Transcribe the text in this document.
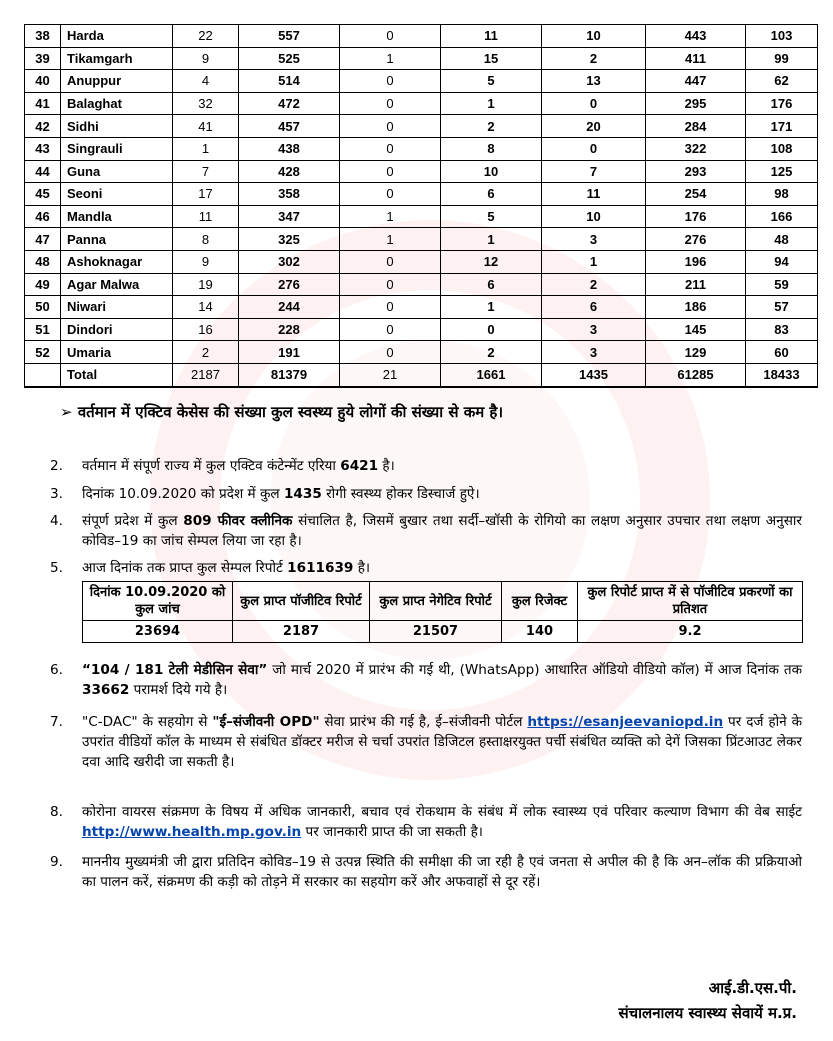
38	Harda	22	557	0	11	10	443	103
39	Tikamgarh	9	525	1	15	2	411	99
40	Anuppur	4	514	0	5	13	447	62
41	Balaghat	32	472	0	1	0	295	176
42	Sidhi	41	457	0	2	20	284	171
43	Singrauli	1	438	0	8	0	322	108
44	Guna	7	428	0	10	7	293	125
45	Seoni	17	358	0	6	11	254	98
46	Mandla	11	347	1	5	10	176	166
47	Panna	8	325	1	1	3	276	48
48	Ashoknagar	9	302	0	12	1	196	94
49	Agar Malwa	19	276	0	6	2	211	59
50	Niwari	14	244	0	1	6	186	57
51	Dindori	16	228	0	0	3	145	83
52	Umaria	2	191	0	2	3	129	60
	Total	2187	81379	21	1661	1435	61285	18433
➢ वर्तमान में एक्टिव केसेस की संख्या कुल स्वस्थ्य हुये लोगों की संख्या से कम है।
2. वर्तमान में संपूर्ण राज्य में कुल एक्टिव कंटेन्मेंट एरिया 6421 है।
3. दिनांक 10.09.2020 को प्रदेश में कुल 1435 रोगी स्वस्थ्य होकर डिस्चार्ज हुऐ।
4. संपूर्ण प्रदेश में कुल 809 फीवर क्लीनिक संचालित है, जिसमें बुखार तथा सर्दी–खॉसी के रोगियो का लक्षण अनुसार उपचार तथा लक्षण अनुसार कोविड–19 का जांच सेम्पल लिया जा रहा है।
5. आज दिनांक तक प्राप्त कुल सेम्पल रिपोर्ट 1611639 है।
दिनांक 10.09.2020 को कुल जांच	कुल प्राप्त पॉजीटिव रिपोर्ट	कुल प्राप्त नेगेटिव रिपोर्ट	कुल रिजेक्ट	कुल रिपोर्ट प्राप्त में से पॉजीटिव प्रकरणों का प्रतिशत
23694	2187	21507	140	9.2
6. “104 / 181 टेली मेडीसिन सेवा” जो मार्च 2020 में प्रारंभ की गई थी, (WhatsApp) आधारित ऑडियो वीडियो कॉल) में आज दिनांक तक 33662 परामर्श दिये गये है।
7. "C-DAC" के सहयोग से "ई–संजीवनी OPD" सेवा प्रारंभ की गई है, ई–संजीवनी पोर्टल https://esanjeevaniopd.in पर दर्ज होने के उपरांत वीडियों कॉल के माध्यम से संबंधित डॉक्टर मरीज से चर्चा उपरांत डिजिटल हस्ताक्षरयुक्त पर्ची संबंधित व्यक्ति को देगें जिसका प्रिंटआउट लेकर दवा आदि खरीदी जा सकती है।
8. कोरोना वायरस संक्रमण के विषय में अधिक जानकारी, बचाव एवं रोकथाम के संबंध में लोक स्वास्थ्य एवं परिवार कल्याण विभाग की वेब साईट http://www.health.mp.gov.in पर जानकारी प्राप्त की जा सकती है।
9. माननीय मुख्यमंत्री जी द्वारा प्रतिदिन कोविड–19 से उत्पन्न स्थिति की समीक्षा की जा रही है एवं जनता से अपील की है कि अन–लॉक की प्रक्रियाओ का पालन करें, संक्रमण की कड़ी को तोड़ने में सरकार का सहयोग करें और अफवाहों से दूर रहें।
आई.डी.एस.पी.
संचालनालय स्वास्थ्य सेवायें म.प्र.
